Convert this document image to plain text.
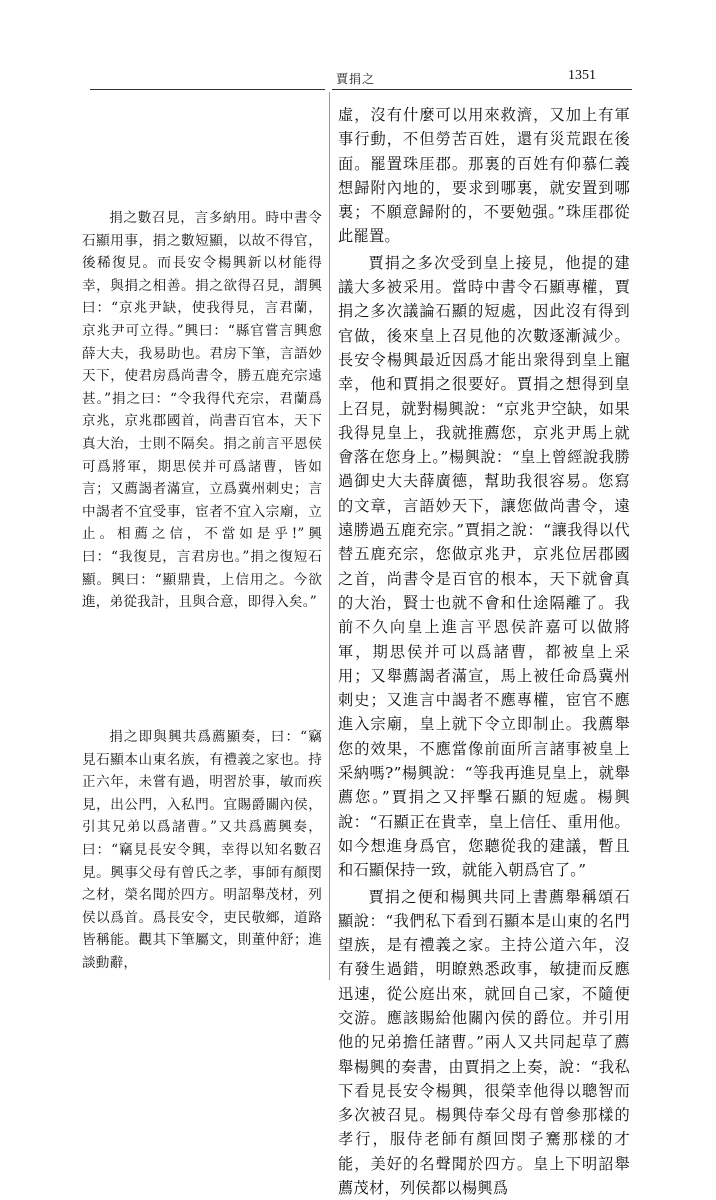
賈捐之	1351

捐之數召見，言多納用。時中書令石顯用事，捐之數短顯，以故不得官，後稀復見。而長安令楊興新以材能得幸，與捐之相善。捐之欲得召見，謂興曰：“京兆尹缺，使我得見，言君蘭，京兆尹可立得。”興曰：“縣官嘗言興愈薛大夫，我易助也。君房下筆，言語妙天下，使君房爲尚書令，勝五鹿充宗遠甚。”捐之曰：“令我得代充宗，君蘭爲京兆，京兆郡國首，尚書百官本，天下真大治，士則不隔矣。捐之前言平恩侯可爲將軍，期思侯并可爲諸曹，皆如言；又薦謁者滿宣，立爲冀州刺史；言中謁者不宜受事，宦者不宜入宗廟，立止。相薦之信，不當如是乎!”興曰：“我復見，言君房也。”捐之復短石顯。興曰：“顯鼎貴，上信用之。今欲進，弟從我計，且與合意，即得入矣。”

捐之即與興共爲薦顯奏，曰：“竊見石顯本山東名族，有禮義之家也。持正六年，未嘗有過，明習於事，敏而疾見，出公門，入私門。宜賜爵關內侯，引其兄弟以爲諸曹。”又共爲薦興奏，曰：“竊見長安令興，幸得以知名數召見。興事父母有曾氏之孝，事師有顏閔之材，榮名聞於四方。明詔舉茂材，列侯以爲首。爲長安令，吏民敬鄉，道路皆稱能。觀其下筆屬文，則董仲舒；進談動辭，

虛，沒有什麼可以用來救濟，又加上有軍事行動，不但勞苦百姓，還有災荒跟在後面。罷置珠厓郡。那裏的百姓有仰慕仁義想歸附內地的，要求到哪裏，就安置到哪裏；不願意歸附的，不要勉强。”珠厓郡從此罷置。

賈捐之多次受到皇上接見，他提的建議大多被采用。當時中書令石顯專權，賈捐之多次議論石顯的短處，因此沒有得到官做，後來皇上召見他的次數逐漸減少。長安令楊興最近因爲才能出衆得到皇上寵幸，他和賈捐之很要好。賈捐之想得到皇上召見，就對楊興說：“京兆尹空缺，如果我得見皇上，我就推薦您，京兆尹馬上就會落在您身上。”楊興說：“皇上曾經說我勝過御史大夫薛廣德，幫助我很容易。您寫的文章，言語妙天下，讓您做尚書令，遠遠勝過五鹿充宗。”賈捐之說：“讓我得以代替五鹿充宗，您做京兆尹，京兆位居郡國之首，尚書令是百官的根本，天下就會真的大治，賢士也就不會和仕途隔離了。我前不久向皇上進言平恩侯許嘉可以做將軍，期思侯并可以爲諸曹，都被皇上采用；又舉薦謁者滿宣，馬上被任命爲冀州刺史；又進言中謁者不應專權，宦官不應進入宗廟，皇上就下令立即制止。我薦舉您的效果，不應當像前面所言諸事被皇上采納嗎?”楊興說：“等我再進見皇上，就舉薦您。”賈捐之又抨擊石顯的短處。楊興說：“石顯正在貴幸，皇上信任、重用他。如今想進身爲官，您聽從我的建議，暫且和石顯保持一致，就能入朝爲官了。”

賈捐之便和楊興共同上書薦舉稱頌石顯說：“我們私下看到石顯本是山東的名門望族，是有禮義之家。主持公道六年，沒有發生過錯，明瞭熟悉政事，敏捷而反應迅速，從公庭出來，就回自己家，不隨便交游。應該賜給他關內侯的爵位。并引用他的兄弟擔任諸曹。”兩人又共同起草了薦舉楊興的奏書，由賈捐之上奏，說：“我私下看見長安令楊興，很榮幸他得以聰智而多次被召見。楊興侍奉父母有曾參那樣的孝行，服侍老師有顏回閔子騫那樣的才能，美好的名聲聞於四方。皇上下明詔舉薦茂材，列侯都以楊興爲
